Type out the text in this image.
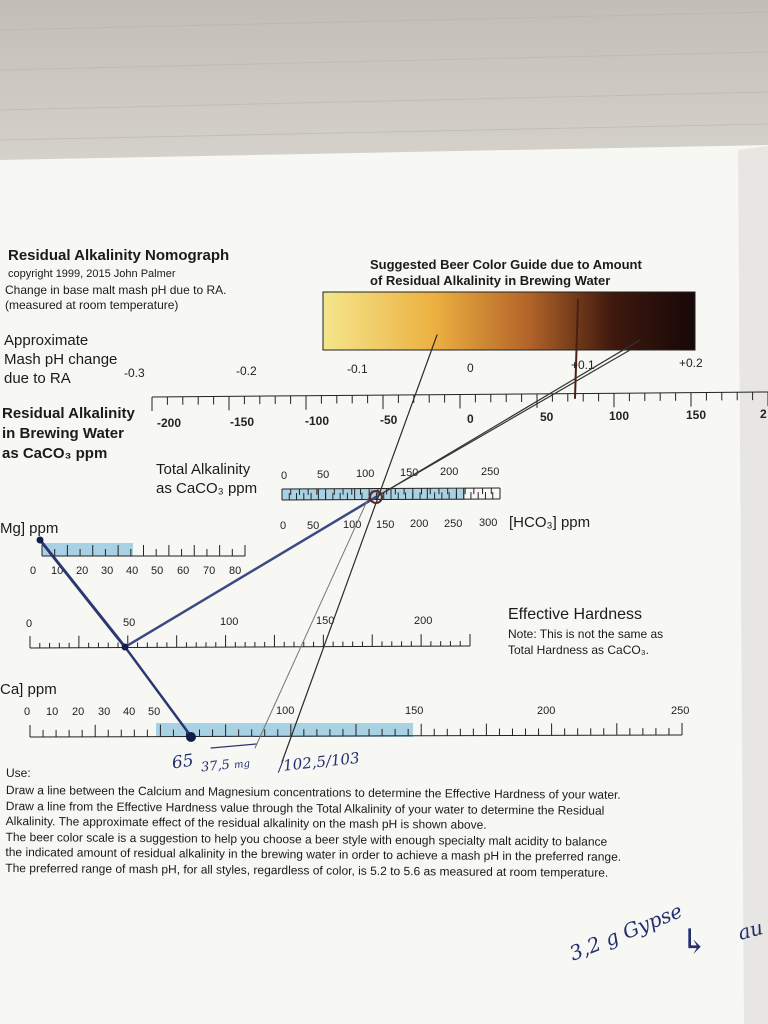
Residual Alkalinity Nomograph
copyright 1999, 2015 John Palmer
Change in base malt mash pH due to RA.
(measured at room temperature)
Suggested Beer Color Guide due to Amount
of Residual Alkalinity in Brewing Water
Approximate
Mash pH change
due to RA	-0.3	-0.2	-0.1	0	+0.1	+0.2
Residual Alkalinity
in Brewing Water
as CaCO₃ ppm
-200	-150	-100	-50	0	50	100	150	2
Total Alkalinity
as CaCO₃ ppm
0	50 100 150 200 250
0 50 100 150 200 250 300 [HCO₃] ppm
Mg] ppm
0 10 20 30 40 50 60 70 80
0	50	100	150	200	Effective Hardness
Note: This is not the same as
Total Hardness as CaCO₃.
Ca] ppm
0 10 20 30 40 50	100	150	200	250
65 37,5 mg /102,5/103
3,2 g Gypse
↳ au
Use:
Draw a line between the Calcium and Magnesium concentrations to determine the Effective Hardness of your water.
Draw a line from the Effective Hardness value through the Total Alkalinity of your water to determine the Residual
Alkalinity. The approximate effect of the residual alkalinity on the mash pH is shown above.
The beer color scale is a suggestion to help you choose a beer style with enough specialty malt acidity to balance
the indicated amount of residual alkalinity in the brewing water in order to achieve a mash pH in the preferred range.
The preferred range of mash pH, for all styles, regardless of color, is 5.2 to 5.6 as measured at room temperature.
